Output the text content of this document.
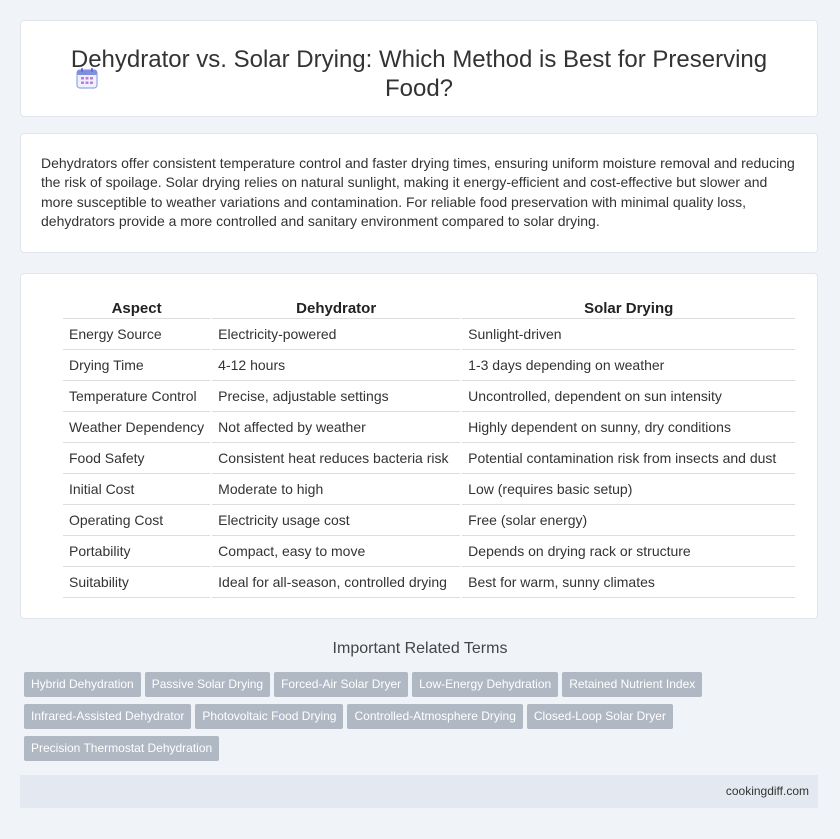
Dehydrator vs. Solar Drying: Which Method is Best for Preserving Food?

Dehydrators offer consistent temperature control and faster drying times, ensuring uniform moisture removal and reducing the risk of spoilage. Solar drying relies on natural sunlight, making it energy-efficient and cost-effective but slower and more susceptible to weather variations and contamination. For reliable food preservation with minimal quality loss, dehydrators provide a more controlled and sanitary environment compared to solar drying.

Aspect	Dehydrator	Solar Drying
Energy Source	Electricity-powered	Sunlight-driven
Drying Time	4-12 hours	1-3 days depending on weather
Temperature Control	Precise, adjustable settings	Uncontrolled, dependent on sun intensity
Weather Dependency	Not affected by weather	Highly dependent on sunny, dry conditions
Food Safety	Consistent heat reduces bacteria risk	Potential contamination risk from insects and dust
Initial Cost	Moderate to high	Low (requires basic setup)
Operating Cost	Electricity usage cost	Free (solar energy)
Portability	Compact, easy to move	Depends on drying rack or structure
Suitability	Ideal for all-season, controlled drying	Best for warm, sunny climates
Important Related Terms
Hybrid Dehydration Passive Solar Drying Forced-Air Solar Dryer Low-Energy Dehydration Retained Nutrient IndexInfrared-Assisted Dehydrator Photovoltaic Food Drying Controlled-Atmosphere Drying Closed-Loop Solar DryerPrecision Thermostat Dehydration
cookingdiff.com
